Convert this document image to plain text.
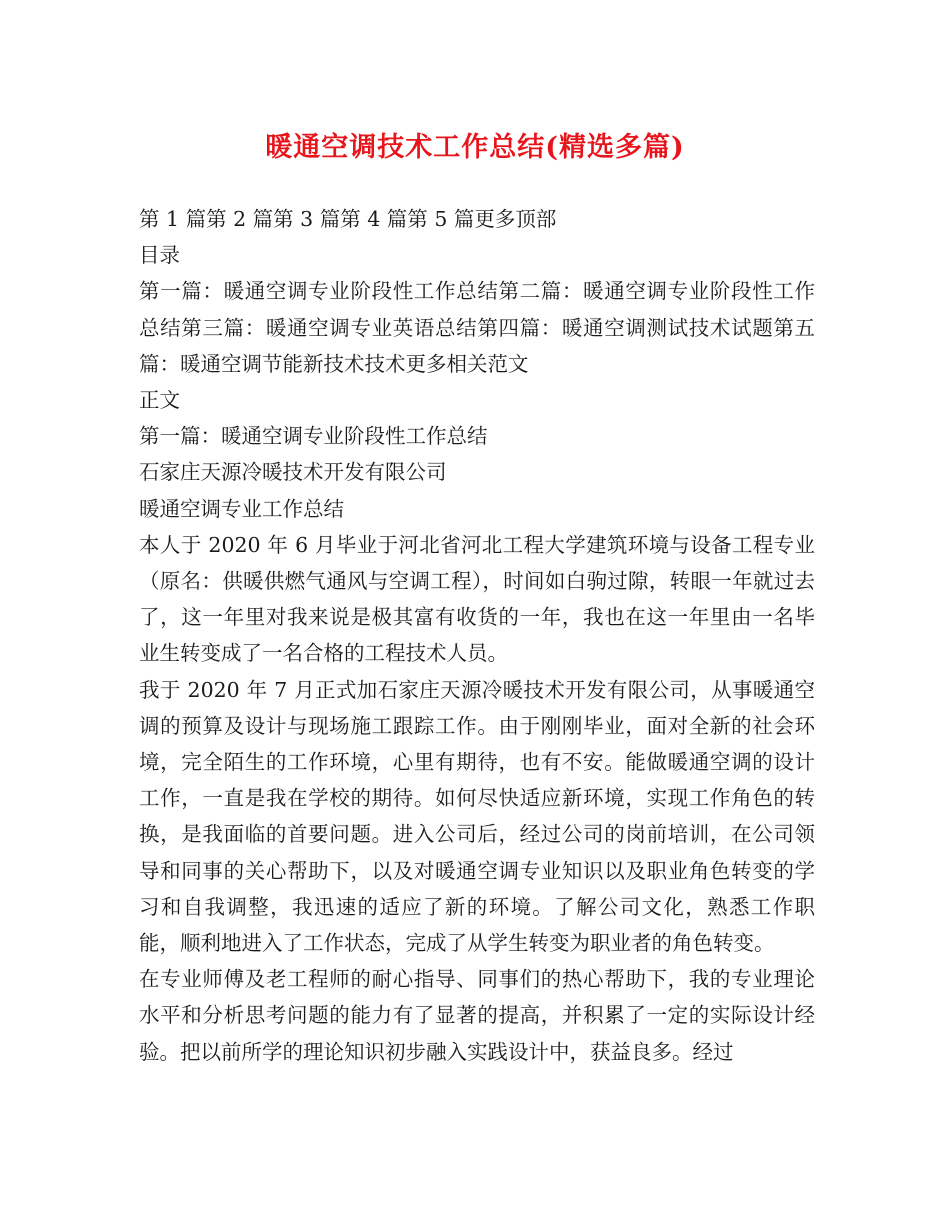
暖通空调技术工作总结(精选多篇)

第 1 篇第 2 篇第 3 篇第 4 篇第 5 篇更多顶部

目录

第一篇：暖通空调专业阶段性工作总结第二篇：暖通空调专业阶段性工作总结第三篇：暖通空调专业英语总结第四篇：暖通空调测试技术试题第五篇：暖通空调节能新技术技术更多相关范文

正文

第一篇：暖通空调专业阶段性工作总结

石家庄天源冷暖技术开发有限公司

暖通空调专业工作总结

本人于 2020 年 6 月毕业于河北省河北工程大学建筑环境与设备工程专业（原名：供暖供燃气通风与空调工程），时间如白驹过隙，转眼一年就过去了，这一年里对我来说是极其富有收货的一年，我也在这一年里由一名毕业生转变成了一名合格的工程技术人员。

我于 2020 年 7 月正式加石家庄天源冷暖技术开发有限公司，从事暖通空调的预算及设计与现场施工跟踪工作。由于刚刚毕业，面对全新的社会环境，完全陌生的工作环境，心里有期待，也有不安。能做暖通空调的设计工作，一直是我在学校的期待。如何尽快适应新环境，实现工作角色的转换，是我面临的首要问题。进入公司后，经过公司的岗前培训，在公司领导和同事的关心帮助下，以及对暖通空调专业知识以及职业角色转变的学习和自我调整，我迅速的适应了新的环境。了解公司文化，熟悉工作职能，顺利地进入了工作状态，完成了从学生转变为职业者的角色转变。

在专业师傅及老工程师的耐心指导、同事们的热心帮助下，我的专业理论水平和分析思考问题的能力有了显著的提高，并积累了一定的实际设计经验。把以前所学的理论知识初步融入实践设计中，获益良多。经过
